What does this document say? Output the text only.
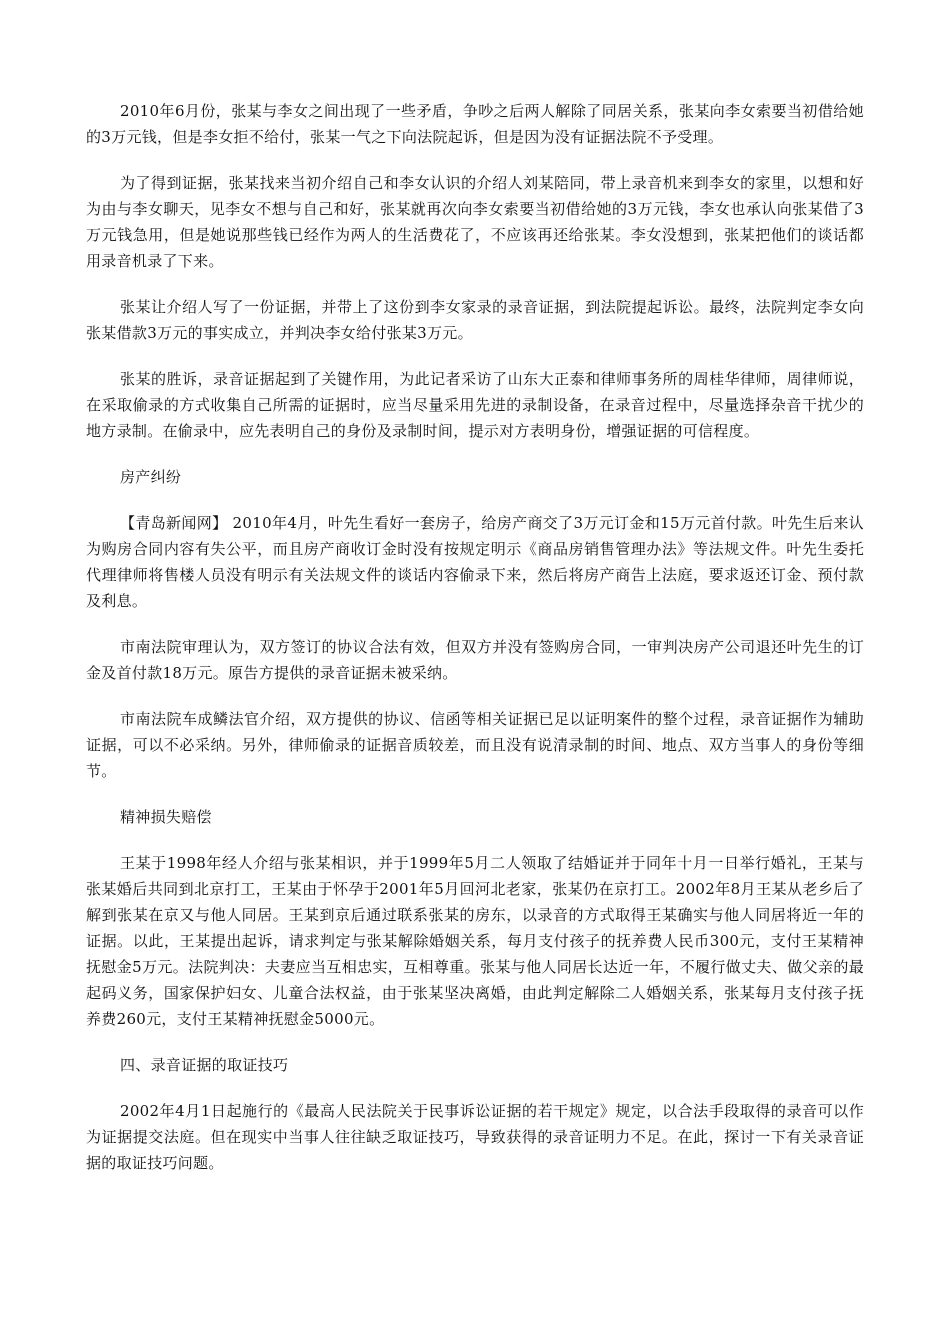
2010年6月份，张某与李女之间出现了一些矛盾，争吵之后两人解除了同居关系，张某向李女索要当初借给她的3万元钱，但是李女拒不给付，张某一气之下向法院起诉，但是因为没有证据法院不予受理。

为了得到证据，张某找来当初介绍自己和李女认识的介绍人刘某陪同，带上录音机来到李女的家里，以想和好为由与李女聊天，见李女不想与自己和好，张某就再次向李女索要当初借给她的3万元钱，李女也承认向张某借了3万元钱急用，但是她说那些钱已经作为两人的生活费花了，不应该再还给张某。李女没想到，张某把他们的谈话都用录音机录了下来。

张某让介绍人写了一份证据，并带上了这份到李女家录的录音证据，到法院提起诉讼。最终，法院判定李女向张某借款3万元的事实成立，并判决李女给付张某3万元。

张某的胜诉，录音证据起到了关键作用，为此记者采访了山东大正泰和律师事务所的周桂华律师，周律师说，在采取偷录的方式收集自己所需的证据时，应当尽量采用先进的录制设备，在录音过程中，尽量选择杂音干扰少的地方录制。在偷录中，应先表明自己的身份及录制时间，提示对方表明身份，增强证据的可信程度。

房产纠纷

【青岛新闻网】 2010年4月，叶先生看好一套房子，给房产商交了3万元订金和15万元首付款。叶先生后来认为购房合同内容有失公平，而且房产商收订金时没有按规定明示《商品房销售管理办法》等法规文件。叶先生委托代理律师将售楼人员没有明示有关法规文件的谈话内容偷录下来，然后将房产商告上法庭，要求返还订金、预付款及利息。

市南法院审理认为，双方签订的协议合法有效，但双方并没有签购房合同，一审判决房产公司退还叶先生的订金及首付款18万元。原告方提供的录音证据未被采纳。

市南法院车成鳞法官介绍，双方提供的协议、信函等相关证据已足以证明案件的整个过程，录音证据作为辅助证据，可以不必采纳。另外，律师偷录的证据音质较差，而且没有说清录制的时间、地点、双方当事人的身份等细节。

精神损失赔偿

王某于1998年经人介绍与张某相识，并于1999年5月二人领取了结婚证并于同年十月一日举行婚礼，王某与张某婚后共同到北京打工，王某由于怀孕于2001年5月回河北老家，张某仍在京打工。2002年8月王某从老乡后了解到张某在京又与他人同居。王某到京后通过联系张某的房东，以录音的方式取得王某确实与他人同居将近一年的证据。以此，王某提出起诉，请求判定与张某解除婚姻关系，每月支付孩子的抚养费人民币300元，支付王某精神抚慰金5万元。法院判决：夫妻应当互相忠实，互相尊重。张某与他人同居长达近一年，不履行做丈夫、做父亲的最起码义务，国家保护妇女、儿童合法权益，由于张某坚决离婚，由此判定解除二人婚姻关系，张某每月支付孩子抚养费260元，支付王某精神抚慰金5000元。

四、录音证据的取证技巧

2002年4月1日起施行的《最高人民法院关于民事诉讼证据的若干规定》规定，以合法手段取得的录音可以作为证据提交法庭。但在现实中当事人往往缺乏取证技巧，导致获得的录音证明力不足。在此，探讨一下有关录音证据的取证技巧问题。
